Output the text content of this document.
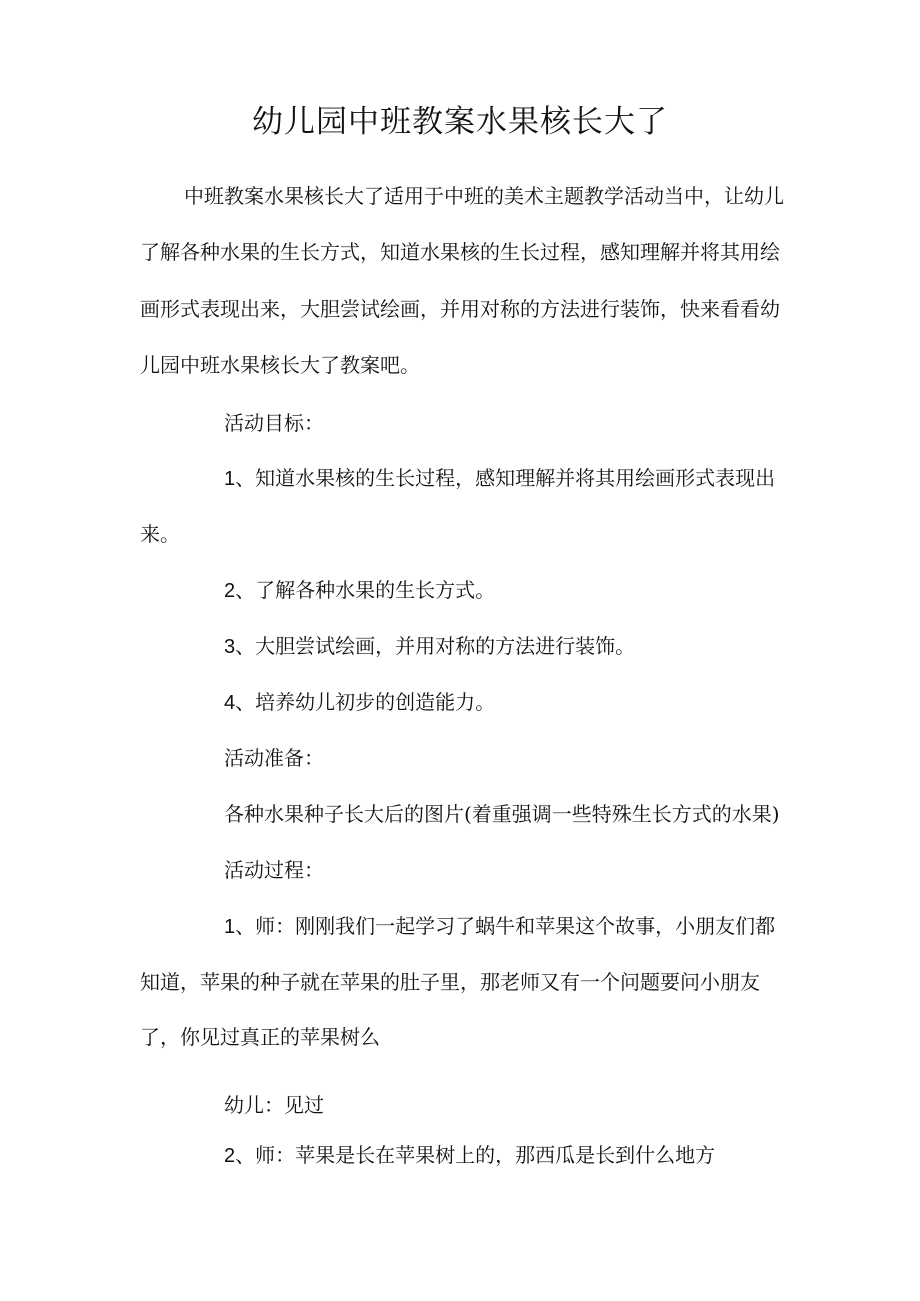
幼儿园中班教案水果核长大了

中班教案水果核长大了适用于中班的美术主题教学活动当中，让幼儿

了解各种水果的生长方式，知道水果核的生长过程，感知理解并将其用绘

画形式表现出来，大胆尝试绘画，并用对称的方法进行装饰，快来看看幼

儿园中班水果核长大了教案吧。

活动目标：

1、知道水果核的生长过程，感知理解并将其用绘画形式表现出

来。

2、了解各种水果的生长方式。

3、大胆尝试绘画，并用对称的方法进行装饰。

4、培养幼儿初步的创造能力。

活动准备：

各种水果种子长大后的图片(着重强调一些特殊生长方式的水果)

活动过程：

1、师：刚刚我们一起学习了蜗牛和苹果这个故事，小朋友们都

知道，苹果的种子就在苹果的肚子里，那老师又有一个问题要问小朋友

了，你见过真正的苹果树么

幼儿：见过

2、师：苹果是长在苹果树上的，那西瓜是长到什么地方
